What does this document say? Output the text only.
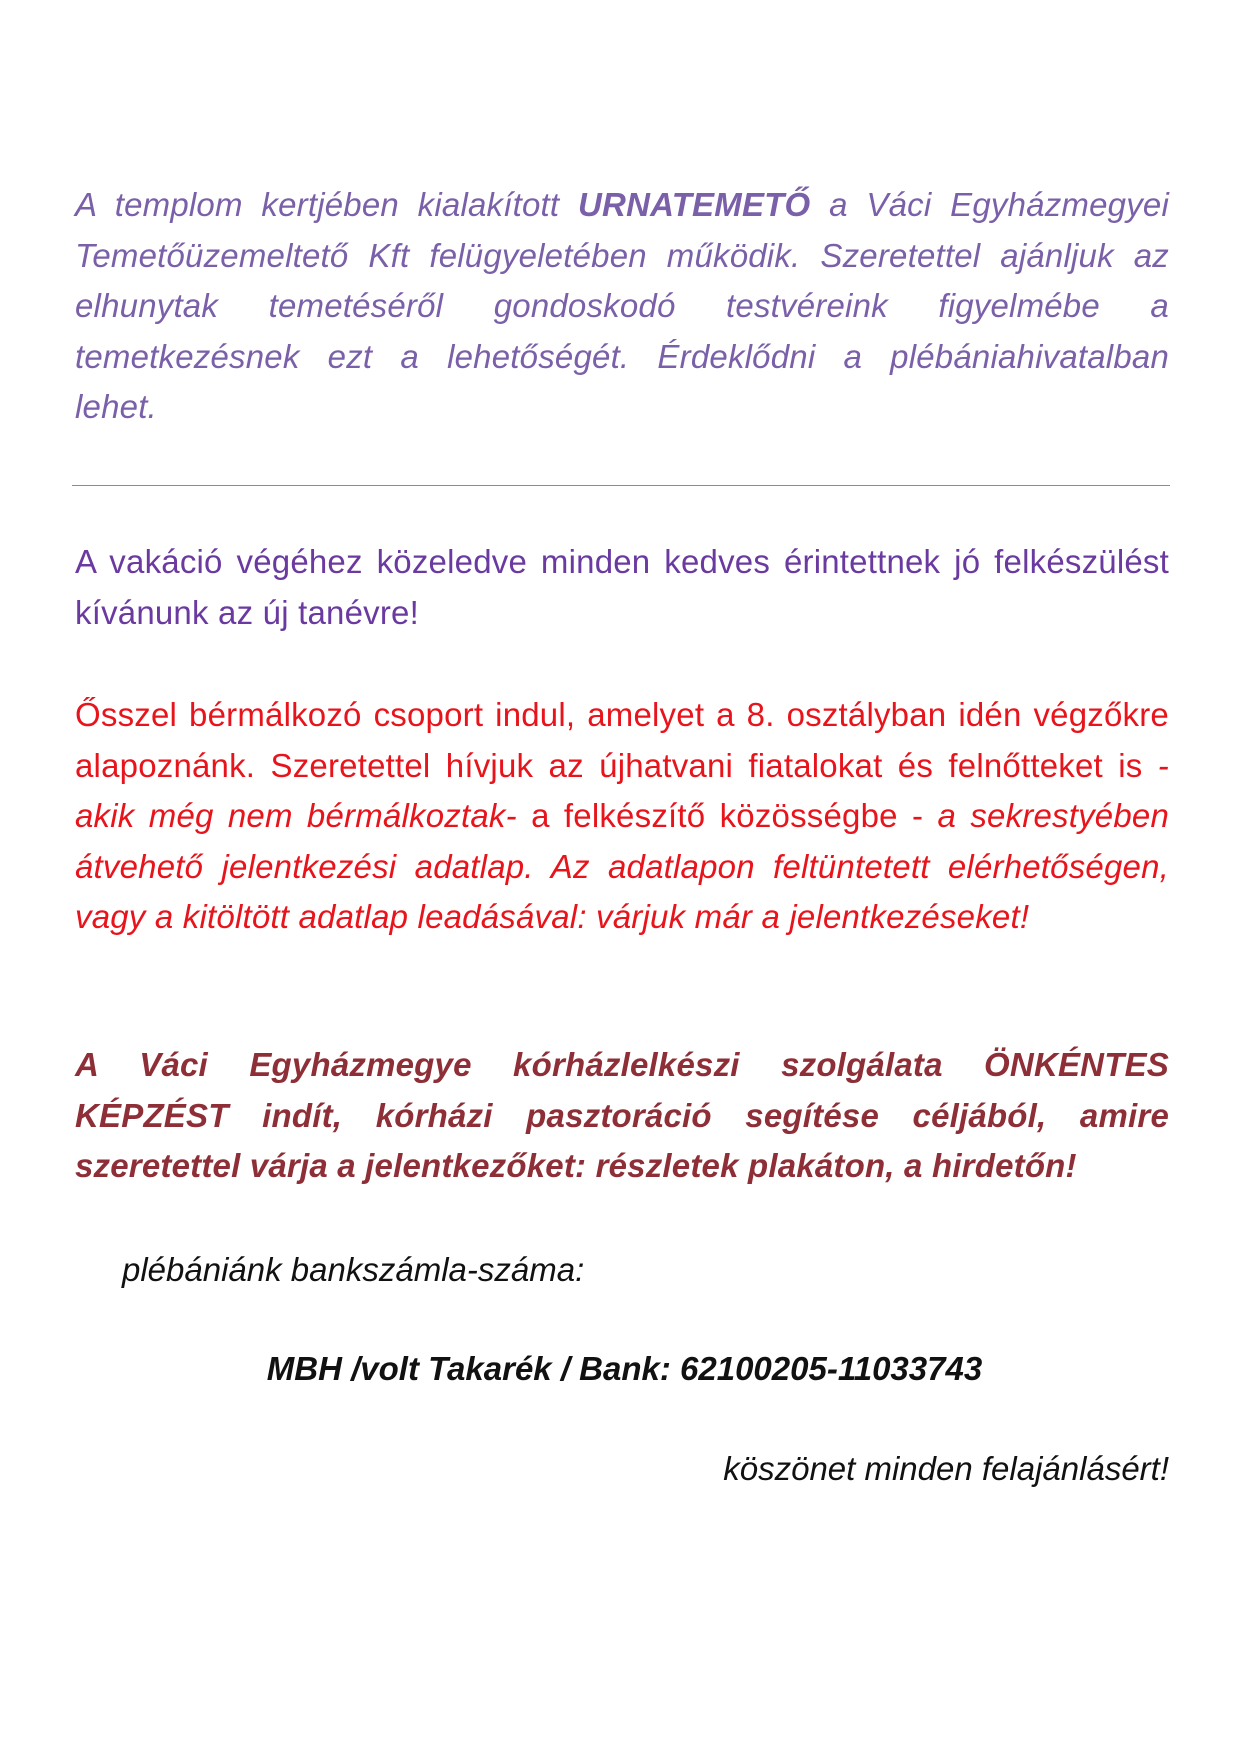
A templom kertjében kialakított URNATEMETŐ a Váci Egyházmegyei Temetőüzemeltető Kft felügyeletében működik. Szeretettel ajánljuk az elhunytak temetéséről gondoskodó testvéreink figyelmébe a temetkezésnek ezt a lehetőségét. Érdeklődni a plébániahivatalban lehet.

A vakáció végéhez közeledve minden kedves érintettnek jó felkészülést kívánunk az új tanévre!

Ősszel bérmálkozó csoport indul, amelyet a 8. osztályban idén végzőkre alapoznánk. Szeretettel hívjuk az újhatvani fiatalokat és felnőtteket is -akik még nem bérmálkoztak- a felkészítő közösségbe - a sekrestyében átvehető jelentkezési adatlap. Az adatlapon feltüntetett elérhetőségen, vagy a kitöltött adatlap leadásával: várjuk már a jelentkezéseket!

A Váci Egyházmegye kórházlelkészi szolgálata ÖNKÉNTES KÉPZÉST indít, kórházi pasztoráció segítése céljából, amire szeretettel várja a jelentkezőket: részletek plakáton, a hirdetőn!

plébániánk bankszámla-száma:
MBH /volt Takarék / Bank: 62100205-11033743
köszönet minden felajánlásért!
